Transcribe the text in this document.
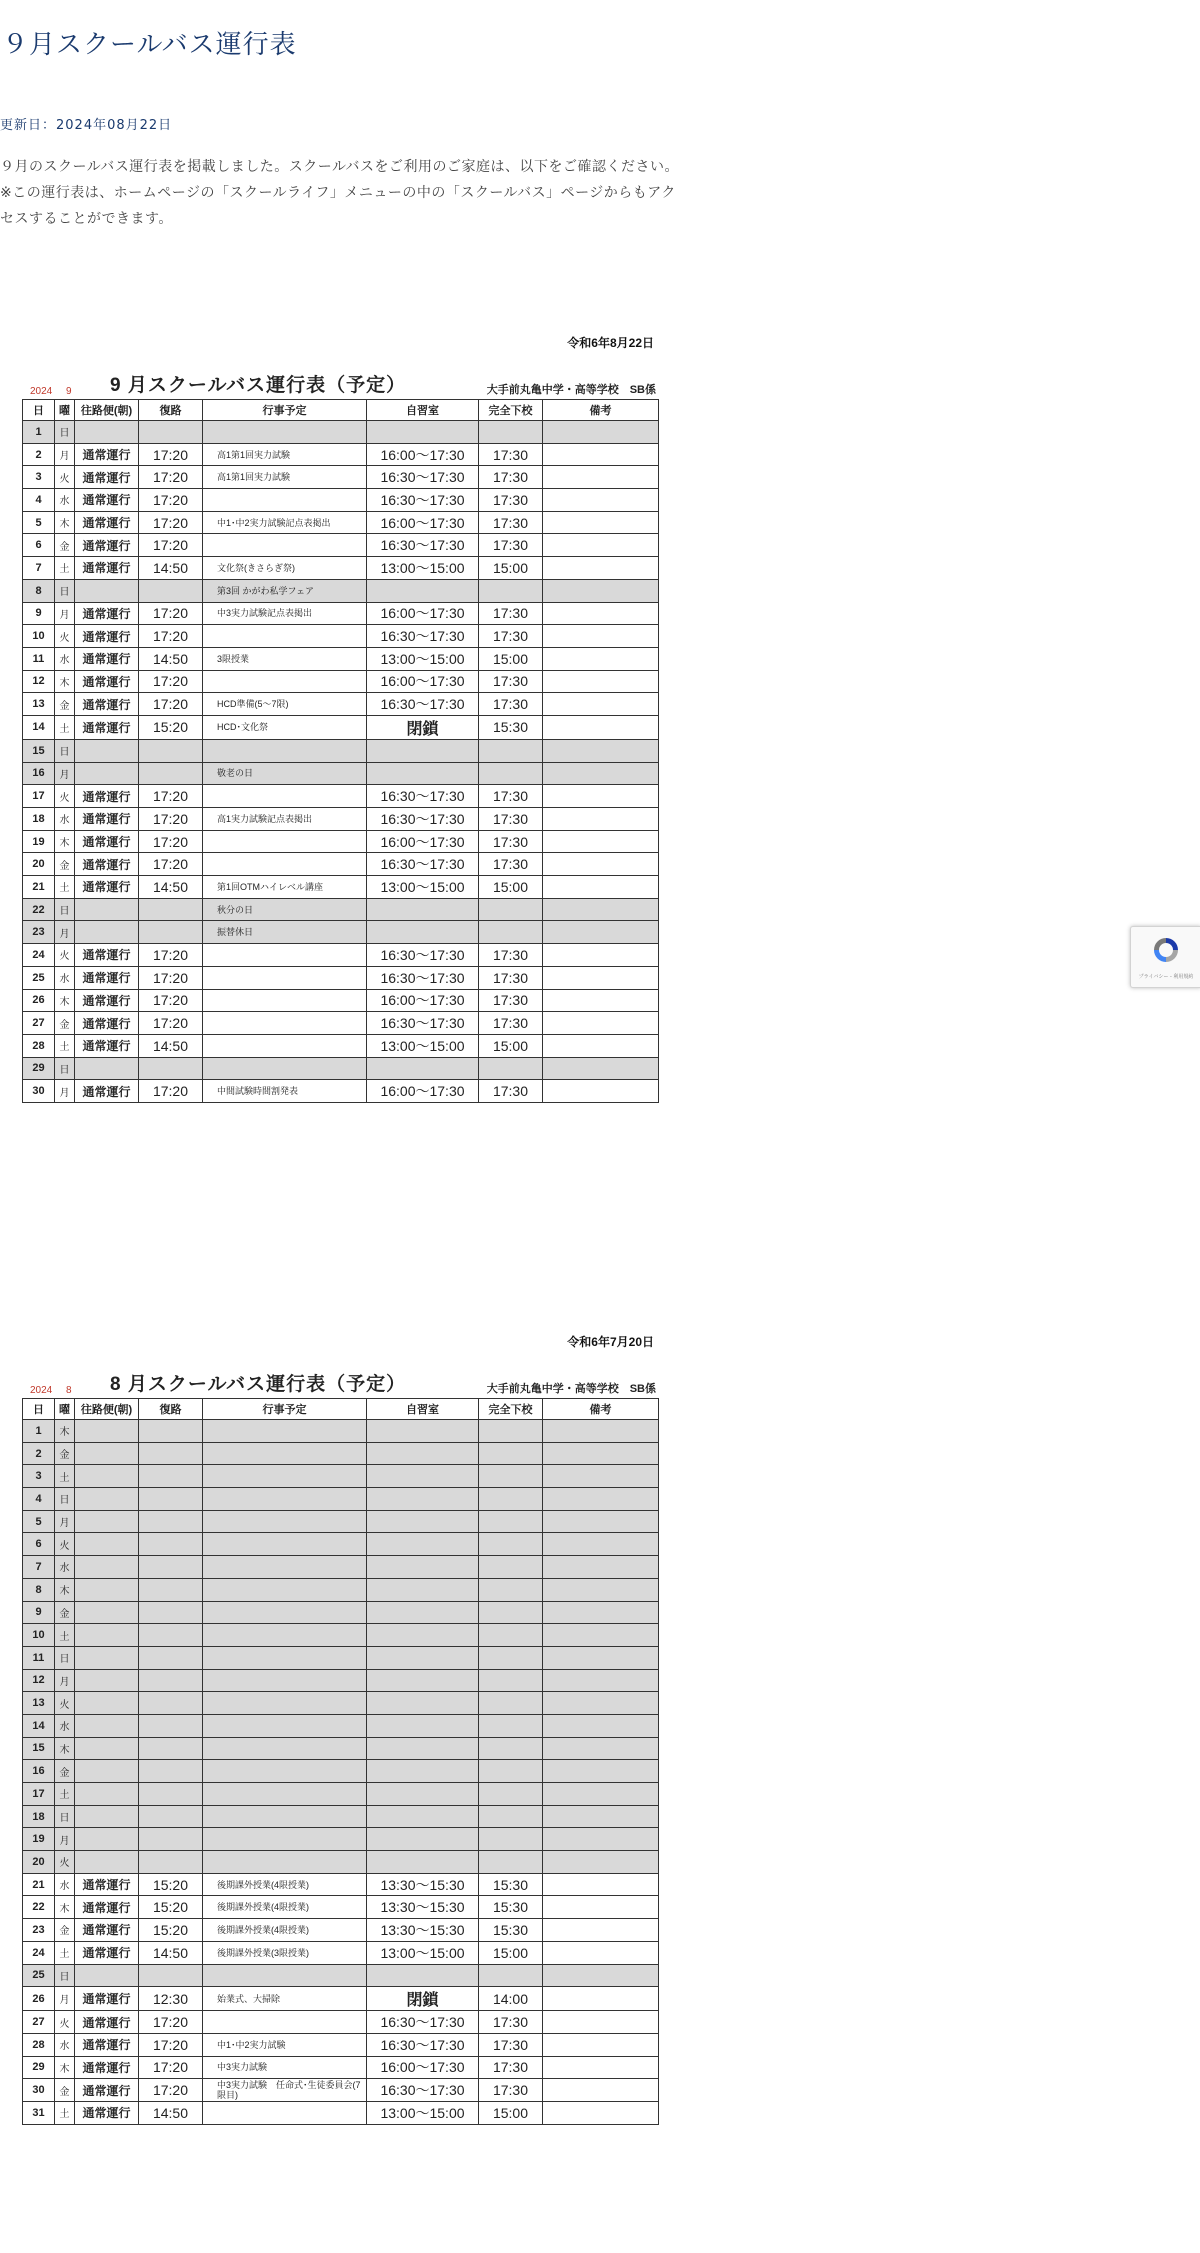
９月スクールバス運行表
更新日：2024年08月22日

９月のスクールバス運行表を掲載しました。スクールバスをご利用のご家庭は、以下をご確認ください。

※この運行表は、ホームページの「スクールライフ」メニューの中の「スクールバス」ページからもアクセスすることができます。

令和6年8月22日
2024	9	9 月スクールバス運行表（予定）	大手前丸亀中学・高等学校　SB係
日	曜	往路便(朝)	復路	行事予定	自習室	完全下校	備考
1	日						
2	月	通常運行	17:20	高1第1回実力試験	16:00〜17:30	17:30	
3	火	通常運行	17:20	高1第1回実力試験	16:30〜17:30	17:30	
4	水	通常運行	17:20		16:30〜17:30	17:30	
5	木	通常運行	17:20	中1･中2実力試験記点表掲出	16:00〜17:30	17:30	
6	金	通常運行	17:20		16:30〜17:30	17:30	
7	土	通常運行	14:50	文化祭(きさらぎ祭)	13:00〜15:00	15:00	
8	日			第3回 かがわ私学フェア			
9	月	通常運行	17:20	中3実力試験記点表掲出	16:00〜17:30	17:30	
10	火	通常運行	17:20		16:30〜17:30	17:30	
11	水	通常運行	14:50	3限授業	13:00〜15:00	15:00	
12	木	通常運行	17:20		16:00〜17:30	17:30	
13	金	通常運行	17:20	HCD準備(5〜7限)	16:30〜17:30	17:30	
14	土	通常運行	15:20	HCD･文化祭	閉鎖	15:30	
15	日						
16	月			敬老の日			
17	火	通常運行	17:20		16:30〜17:30	17:30	
18	水	通常運行	17:20	高1実力試験記点表掲出	16:30〜17:30	17:30	
19	木	通常運行	17:20		16:00〜17:30	17:30	
20	金	通常運行	17:20		16:30〜17:30	17:30	
21	土	通常運行	14:50	第1回OTMハイレベル講座	13:00〜15:00	15:00	
22	日			秋分の日			
23	月			振替休日			
24	火	通常運行	17:20		16:30〜17:30	17:30	
25	水	通常運行	17:20		16:30〜17:30	17:30	
26	木	通常運行	17:20		16:00〜17:30	17:30	
27	金	通常運行	17:20		16:30〜17:30	17:30	
28	土	通常運行	14:50		13:00〜15:00	15:00	
29	日						
30	月	通常運行	17:20	中間試験時間割発表	16:00〜17:30	17:30	
令和6年7月20日
2024	8	8 月スクールバス運行表（予定）	大手前丸亀中学・高等学校　SB係
日	曜	往路便(朝)	復路	行事予定	自習室	完全下校	備考
1	木						
2	金						
3	土						
4	日						
5	月						
6	火						
7	水						
8	木						
9	金						
10	土						
11	日						
12	月						
13	火						
14	水						
15	木						
16	金						
17	土						
18	日						
19	月						
20	火						
21	水	通常運行	15:20	後期課外授業(4限授業)	13:30〜15:30	15:30	
22	木	通常運行	15:20	後期課外授業(4限授業)	13:30〜15:30	15:30	
23	金	通常運行	15:20	後期課外授業(4限授業)	13:30〜15:30	15:30	
24	土	通常運行	14:50	後期課外授業(3限授業)	13:00〜15:00	15:00	
25	日						
26	月	通常運行	12:30	始業式、大掃除	閉鎖	14:00	
27	火	通常運行	17:20		16:30〜17:30	17:30	
28	水	通常運行	17:20	中1･中2実力試験	16:30〜17:30	17:30	
29	木	通常運行	17:20	中3実力試験	16:00〜17:30	17:30	
30	金	通常運行	17:20	中3実力試験　任命式･生徒委員会(7限目)	16:30〜17:30	17:30	
31	土	通常運行	14:50		13:00〜15:00	15:00	
プライバシー - 利用規約
